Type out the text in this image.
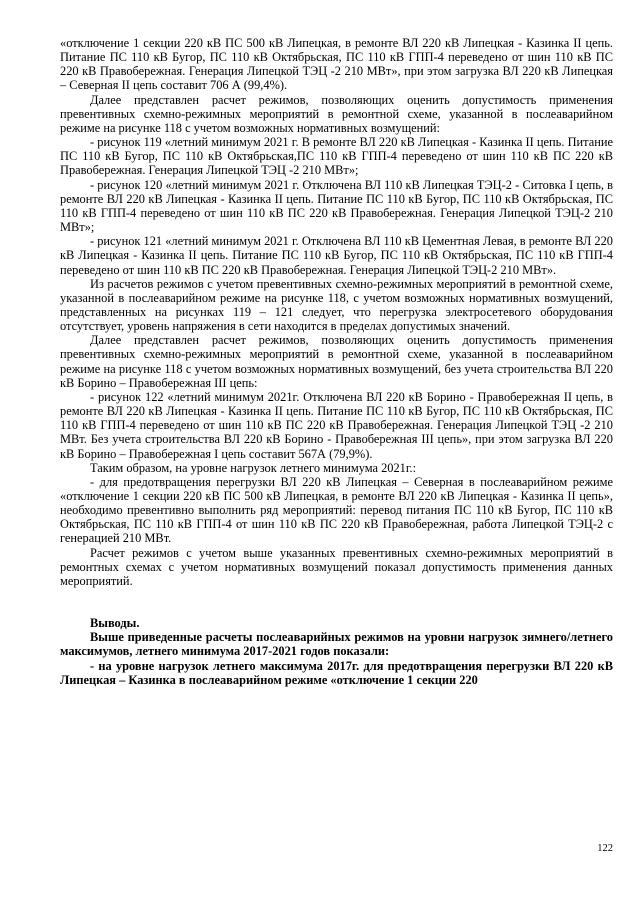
«отключение 1 секции 220 кВ ПС 500 кВ Липецкая, в ремонте ВЛ 220 кВ Липецкая - Казинка II цепь. Питание ПС 110 кВ Бугор, ПС 110 кВ Октябрьская, ПС 110 кВ ГПП-4 переведено от шин 110 кВ ПС 220 кВ Правобережная. Генерация Липецкой ТЭЦ -2 210 МВт», при этом загрузка ВЛ 220 кВ Липецкая – Северная II цепь составит 706 А (99,4%).

Далее представлен расчет режимов, позволяющих оценить допустимость применения превентивных схемно-режимных мероприятий в ремонтной схеме, указанной в послеаварийном режиме на рисунке 118 с учетом возможных нормативных возмущений:

- рисунок 119 «летний минимум 2021 г. В ремонте ВЛ 220 кВ Липецкая - Казинка II цепь. Питание ПС 110 кВ Бугор, ПС 110 кВ Октябрьская,ПС 110 кВ ГПП-4 переведено от шин 110 кВ ПС 220 кВ Правобережная. Генерация Липецкой ТЭЦ -2 210 МВт»;

- рисунок 120 «летний минимум 2021 г. Отключена ВЛ 110 кВ Липецкая ТЭЦ-2 - Ситовка I цепь, в ремонте ВЛ 220 кВ Липецкая - Казинка II цепь. Питание ПС 110 кВ Бугор, ПС 110 кВ Октябрьская, ПС 110 кВ ГПП-4 переведено от шин 110 кВ ПС 220 кВ Правобережная. Генерация Липецкой ТЭЦ-2 210 МВт»;

- рисунок 121 «летний минимум 2021 г. Отключена ВЛ 110 кВ Цементная Левая, в ремонте ВЛ 220 кВ Липецкая - Казинка II цепь. Питание ПС 110 кВ Бугор, ПС 110 кВ Октябрьская, ПС 110 кВ ГПП-4 переведено от шин 110 кВ ПС 220 кВ Правобережная. Генерация Липецкой ТЭЦ-2 210 МВт».

Из расчетов режимов с учетом превентивных схемно-режимных мероприятий в ремонтной схеме, указанной в послеаварийном режиме на рисунке 118, с учетом возможных нормативных возмущений, представленных на рисунках 119 – 121 следует, что перегрузка электросетевого оборудования отсутствует, уровень напряжения в сети находится в пределах допустимых значений.

Далее представлен расчет режимов, позволяющих оценить допустимость применения превентивных схемно-режимных мероприятий в ремонтной схеме, указанной в послеаварийном режиме на рисунке 118 с учетом возможных нормативных возмущений, без учета строительства ВЛ 220 кВ Борино – Правобережная III цепь:

- рисунок 122 «летний минимум 2021г. Отключена ВЛ 220 кВ Борино - Правобережная II цепь, в ремонте ВЛ 220 кВ Липецкая - Казинка II цепь. Питание ПС 110 кВ Бугор, ПС 110 кВ Октябрьская, ПС 110 кВ ГПП-4 переведено от шин 110 кВ ПС 220 кВ Правобережная. Генерация Липецкой ТЭЦ -2 210 МВт. Без учета строительства ВЛ 220 кВ Борино - Правобережная III цепь», при этом загрузка ВЛ 220 кВ Борино – Правобережная I цепь составит 567А (79,9%).

Таким образом, на уровне нагрузок летнего минимума 2021г.:

- для предотвращения перегрузки ВЛ 220 кВ Липецкая – Северная в послеаварийном режиме «отключение 1 секции 220 кВ ПС 500 кВ Липецкая, в ремонте ВЛ 220 кВ Липецкая - Казинка II цепь», необходимо превентивно выполнить ряд мероприятий: перевод питания ПС 110 кВ Бугор, ПС 110 кВ Октябрьская, ПС 110 кВ ГПП-4 от шин 110 кВ ПС 220 кВ Правобережная, работа Липецкой ТЭЦ-2 с генерацией 210 МВт.

Расчет режимов с учетом выше указанных превентивных схемно-режимных мероприятий в ремонтных схемах с учетом нормативных возмущений показал допустимость применения данных мероприятий.

Выводы.

Выше приведенные расчеты послеаварийных режимов на уровни нагрузок зимнего/летнего максимумов, летнего минимума 2017-2021 годов показали:

- на уровне нагрузок летнего максимума 2017г. для предотвращения перегрузки ВЛ 220 кВ Липецкая – Казинка в послеаварийном режиме «отключение 1 секции 220

122
